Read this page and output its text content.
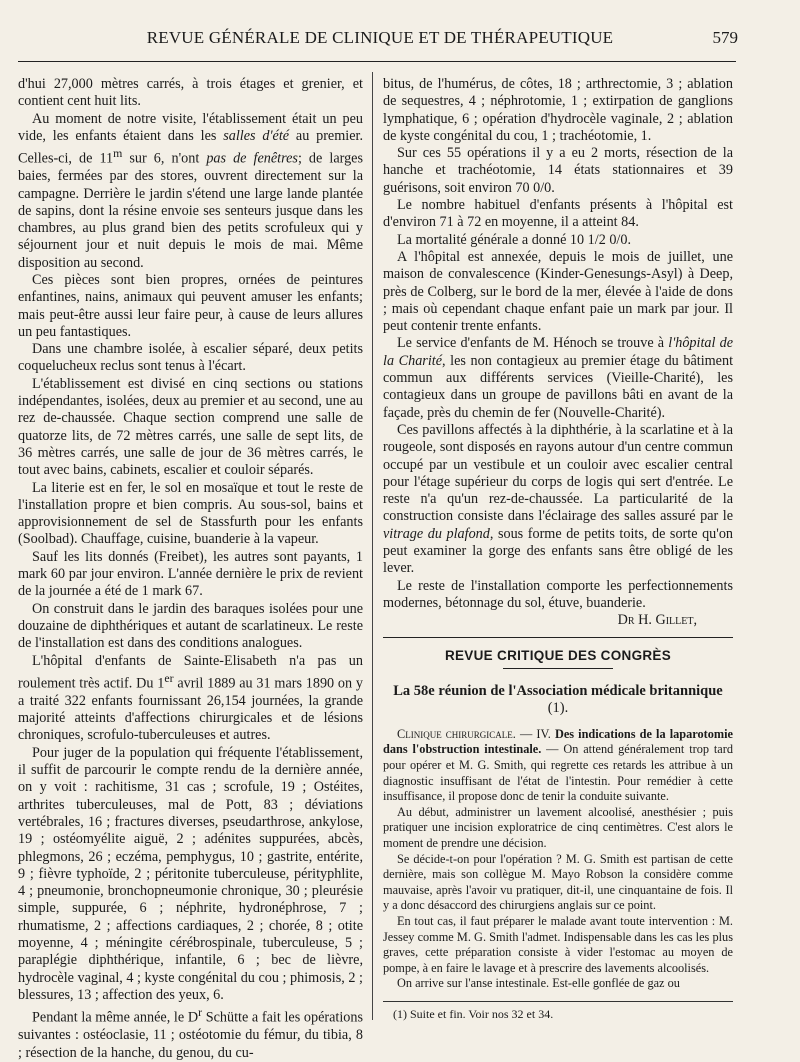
REVUE GÉNÉRALE DE CLINIQUE ET DE THÉRAPEUTIQUE	579

d'hui 27,000 mètres carrés, à trois étages et grenier, et contient cent huit lits.

Au moment de notre visite, l'établissement était un peu vide, les enfants étaient dans les salles d'été au premier. Celles-ci, de 11$^m$ sur 6, n'ont pas de fenêtres; de larges baies, fermées par des stores, ouvrent directement sur la campagne. Derrière le jardin s'étend une large lande plantée de sapins, dont la résine envoie ses senteurs jusque dans les chambres, au plus grand bien des petits scrofuleux qui y séjournent jour et nuit depuis le mois de mai. Même disposition au second.

Ces pièces sont bien propres, ornées de peintures enfantines, nains, animaux qui peuvent amuser les enfants; mais peut-être aussi leur faire peur, à cause de leurs allures un peu fantastiques.

Dans une chambre isolée, à escalier séparé, deux petits coquelucheux reclus sont tenus à l'écart.

L'établissement est divisé en cinq sections ou stations indépendantes, isolées, deux au premier et au second, une au rez de-chaussée. Chaque section comprend une salle de quatorze lits, de 72 mètres carrés, une salle de sept lits, de 36 mètres carrés, une salle de jour de 36 mètres carrés, le tout avec bains, cabinets, escalier et couloir séparés.

La literie est en fer, le sol en mosaïque et tout le reste de l'installation propre et bien compris. Au sous-sol, bains et approvisionnement de sel de Stassfurth pour les enfants (Soolbad). Chauffage, cuisine, buanderie à la vapeur.

Sauf les lits donnés (Freibet), les autres sont payants, 1 mark 60 par jour environ. L'année dernière le prix de revient de la journée a été de 1 mark 67.

On construit dans le jardin des baraques isolées pour une douzaine de diphthériques et autant de scarlatineux. Le reste de l'installation est dans des conditions analogues.

L'hôpital d'enfants de Sainte-Elisabeth n'a pas un roulement très actif. Du 1er avril 1889 au 31 mars 1890 on y a traité 322 enfants fournissant 26,154 journées, la grande majorité atteints d'affections chirurgicales et de lésions chroniques, scrofulo-tuberculeuses et autres.

Pour juger de la population qui fréquente l'établissement, il suffit de parcourir le compte rendu de la dernière année, on y voit : rachitisme, 31 cas ; scrofule, 19 ; Ostéites, arthrites tuberculeuses, mal de Pott, 83 ; déviations vertébrales, 16 ; fractures diverses, pseudarthrose, ankylose, 19 ; ostéomyélite aiguë, 2 ; adénites suppurées, abcès, phlegmons, 26 ; eczéma, pemphygus, 10 ; gastrite, entérite, 9 ; fièvre typhoïde, 2 ; péritonite tuberculeuse, pérityphlite, 4 ; pneumonie, bronchopneumonie chronique, 30 ; pleurésie simple, suppurée, 6 ; néphrite, hydronéphrose, 7 ; rhumatisme, 2 ; affections cardiaques, 2 ; chorée, 8 ; otite moyenne, 4 ; méningite cérébrospinale, tuberculeuse, 5 ; paraplégie diphthérique, infantile, 6 ; bec de lièvre, hydrocèle vaginal, 4 ; kyste congénital du cou ; phimosis, 2 ; blessures, 13 ; affection des yeux, 6.

Pendant la même année, le $D^r$ Schütte a fait les opérations suivantes : ostéoclasie, 11 ; ostéotomie du fémur, du tibia, 8 ; résection de la hanche, du genou, du cu-

bitus, de l'humérus, de côtes, 18 ; arthrectomie, 3 ; ablation de sequestres, 4 ; néphrotomie, 1 ; extirpation de ganglions lymphatique, 6 ; opération d'hydrocèle vaginale, 2 ; ablation de kyste congénital du cou, 1 ; trachéotomie, 1.

Sur ces 55 opérations il y a eu 2 morts, résection de la hanche et trachéotomie, 14 états stationnaires et 39 guérisons, soit environ 70 0/0.

Le nombre habituel d'enfants présents à l'hôpital est d'environ 71 à 72 en moyenne, il a atteint 84.

La mortalité générale a donné 10 1/2 0/0.

A l'hôpital est annexée, depuis le mois de juillet, une maison de convalescence (Kinder-Genesungs-Asyl) à Deep, près de Colberg, sur le bord de la mer, élevée à l'aide de dons ; mais où cependant chaque enfant paie un mark par jour. Il peut contenir trente enfants.

Le service d'enfants de M. Hénoch se trouve à l'hôpital de la Charité, les non contagieux au premier étage du bâtiment commun aux différents services (Vieille-Charité), les contagieux dans un groupe de pavillons bâti en avant de la façade, près du chemin de fer (Nouvelle-Charité).

Ces pavillons affectés à la diphthérie, à la scarlatine et à la rougeole, sont disposés en rayons autour d'un centre commun occupé par un vestibule et un couloir avec escalier central pour l'étage supérieur du corps de logis qui sert d'entrée. Le reste n'a qu'un rez-de-chaussée. La particularité de la construction consiste dans l'éclairage des salles assuré par le vitrage du plafond, sous forme de petits toits, de sorte qu'on peut examiner la gorge des enfants sans être obligé de les lever.

Le reste de l'installation comporte les perfectionnements modernes, bétonnage du sol, étuve, buanderie.

Dr H. Gillet,

REVUE CRITIQUE DES CONGRÈS
La 58e réunion de l'Association médicale britannique (1).

Clinique chirurgicale. — IV. Des indications de la laparotomie dans l'obstruction intestinale. — On attend généralement trop tard pour opérer et M. G. Smith, qui regrette ces retards les attribue à un diagnostic insuffisant de l'état de l'intestin. Pour remédier à cette insuffisance, il propose donc de tenir la conduite suivante.

Au début, administrer un lavement alcoolisé, anesthésier ; puis pratiquer une incision exploratrice de cinq centimètres. C'est alors le moment de prendre une décision.

Se décide-t-on pour l'opération ? M. G. Smith est partisan de cette dernière, mais son collègue M. Mayo Robson la considère comme mauvaise, après l'avoir vu pratiquer, dit-il, une cinquantaine de fois. Il y a donc désaccord des chirurgiens anglais sur ce point.

En tout cas, il faut préparer le malade avant toute intervention : M. Jessey comme M. G. Smith l'admet. Indispensable dans les cas les plus graves, cette préparation consiste à vider l'estomac au moyen de pompe, à en faire le lavage et à prescrire des lavements alcoolisés.

On arrive sur l'anse intestinale. Est-elle gonflée de gaz ou

(1) Suite et fin. Voir nos 32 et 34.
